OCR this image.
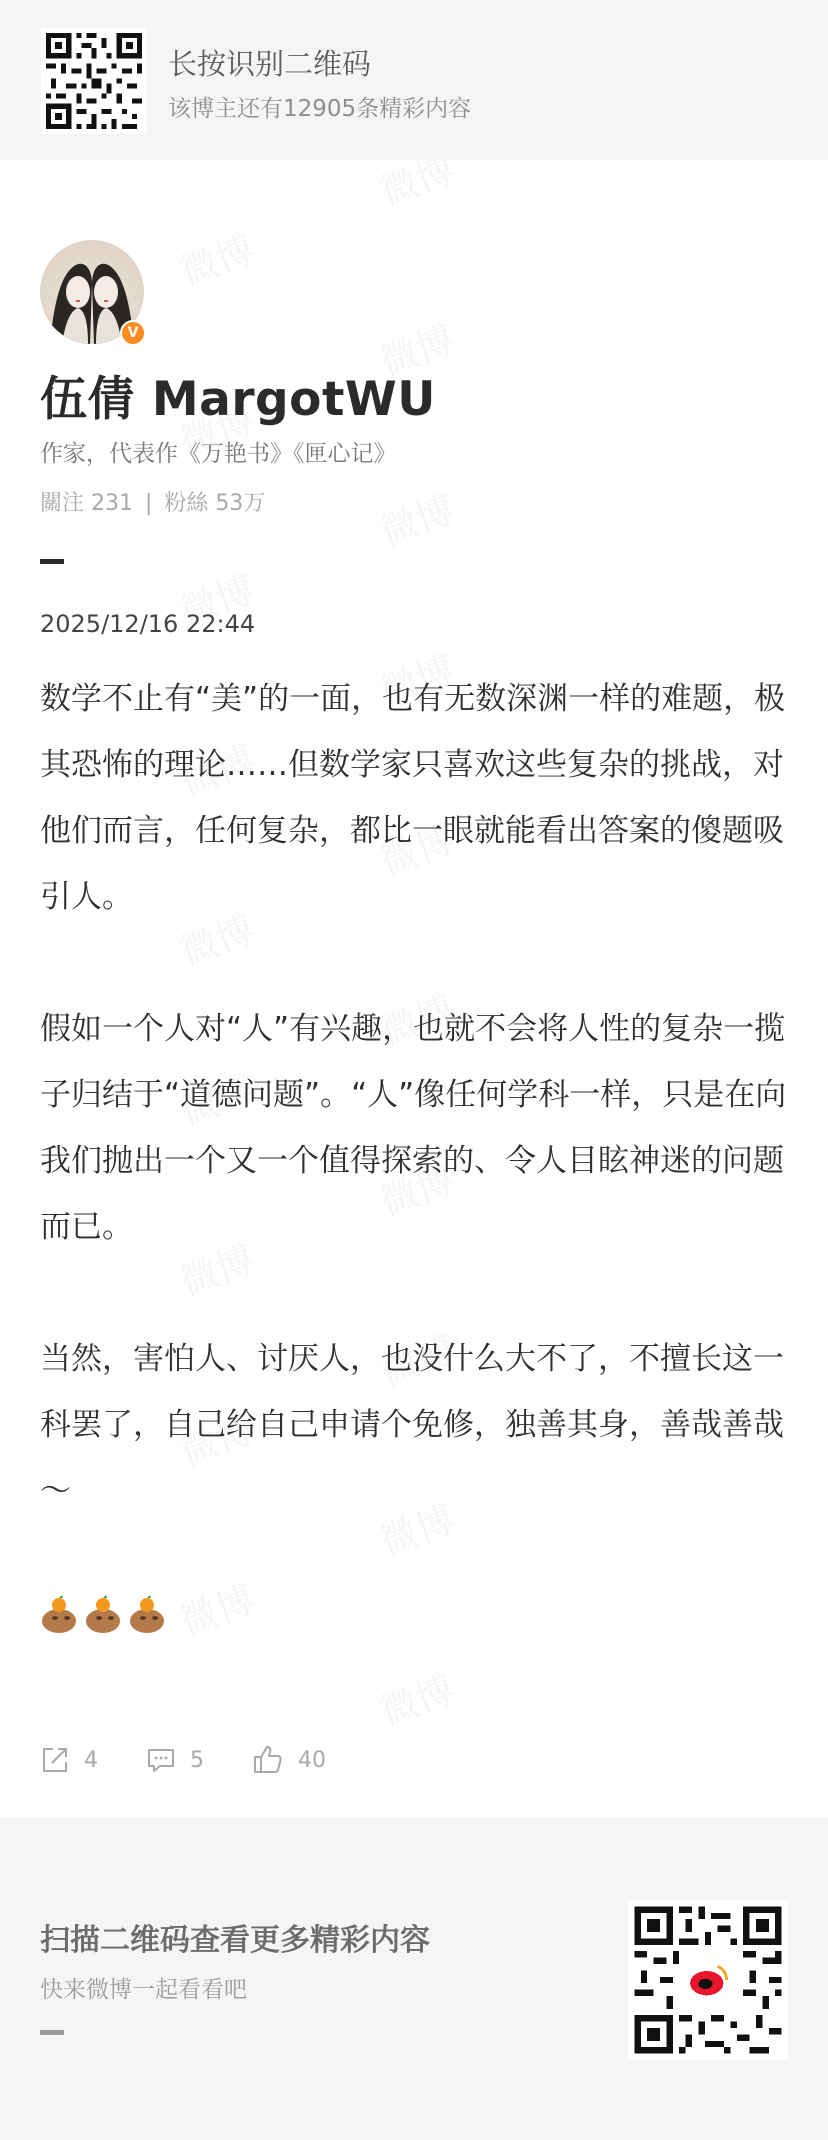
长按识别二维码
该博主还有12905条精彩内容
V
伍倩 MargotWU
作家，代表作《万艳书》《匣心记》
關注 231 | 粉絲 53万
2025/12/16 22:44

数学不止有“美”的一面，也有无数深渊一样的难题，极其恐怖的理论……但数学家只喜欢这些复杂的挑战，对他们而言，任何复杂，都比一眼就能看出答案的傻题吸引人。

假如一个人对“人”有兴趣，也就不会将人性的复杂一揽子归结于“道德问题”。“人”像任何学科一样，只是在向我们抛出一个又一个值得探索的、令人目眩神迷的问题而已。

当然，害怕人、讨厌人，也没什么大不了，不擅长这一科罢了，自己给自己申请个免修，独善其身，善哉善哉～

4	5	40
扫描二维码查看更多精彩内容
快来微博一起看看吧
